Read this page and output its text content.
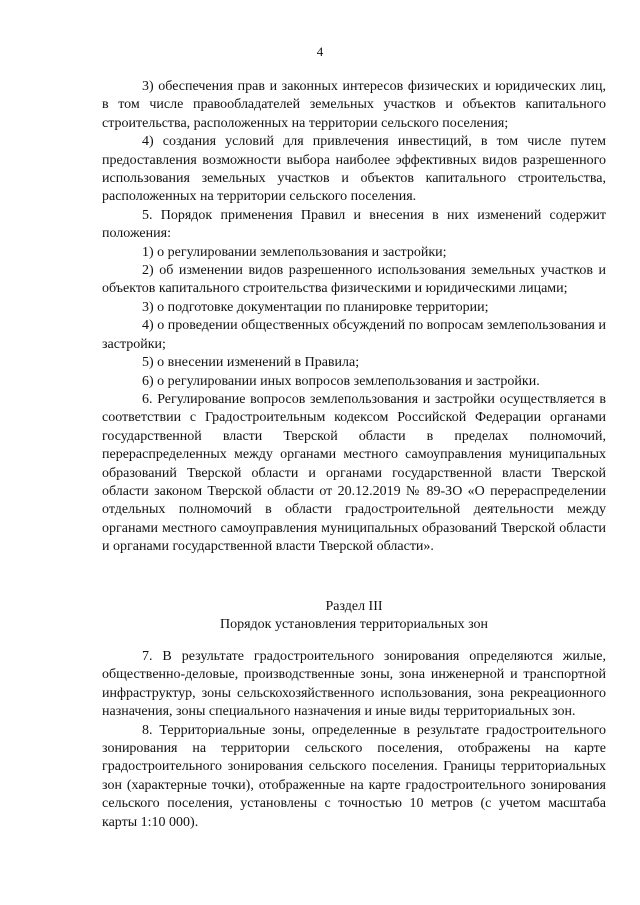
4

3) обеспечения прав и законных интересов физических и юридических лиц, в том числе правообладателей земельных участков и объектов капитального строительства, расположенных на территории сельского поселения;

4) создания условий для привлечения инвестиций, в том числе путем предоставления возможности выбора наиболее эффективных видов разрешенного использования земельных участков и объектов капитального строительства, расположенных на территории сельского поселения.

5. Порядок применения Правил и внесения в них изменений содержит положения:

1) о регулировании землепользования и застройки;

2) об изменении видов разрешенного использования земельных участков и объектов капитального строительства физическими и юридическими лицами;

3) о подготовке документации по планировке территории;

4) о проведении общественных обсуждений по вопросам землепользования и застройки;

5) о внесении изменений в Правила;

6) о регулировании иных вопросов землепользования и застройки.

6. Регулирование вопросов землепользования и застройки осуществляется в соответствии с Градостроительным кодексом Российской Федерации органами государственной власти Тверской области в пределах полномочий, перераспределенных между органами местного самоуправления муниципальных образований Тверской области и органами государственной власти Тверской области законом Тверской области от 20.12.2019 № 89-ЗО «О перераспределении отдельных полномочий в области градостроительной деятельности между органами местного самоуправления муниципальных образований Тверской области и органами государственной власти Тверской области».

Раздел III

Порядок установления территориальных зон

7. В результате градостроительного зонирования определяются жилые, общественно-деловые, производственные зоны, зона инженерной и транспортной инфраструктур, зоны сельскохозяйственного использования, зона рекреационного назначения, зоны специального назначения и иные виды территориальных зон.

8. Территориальные зоны, определенные в результате градостроительного зонирования на территории сельского поселения, отображены на карте градостроительного зонирования сельского поселения. Границы территориальных зон (характерные точки), отображенные на карте градостроительного зонирования сельского поселения, установлены с точностью 10 метров (с учетом масштаба карты 1:10 000).
